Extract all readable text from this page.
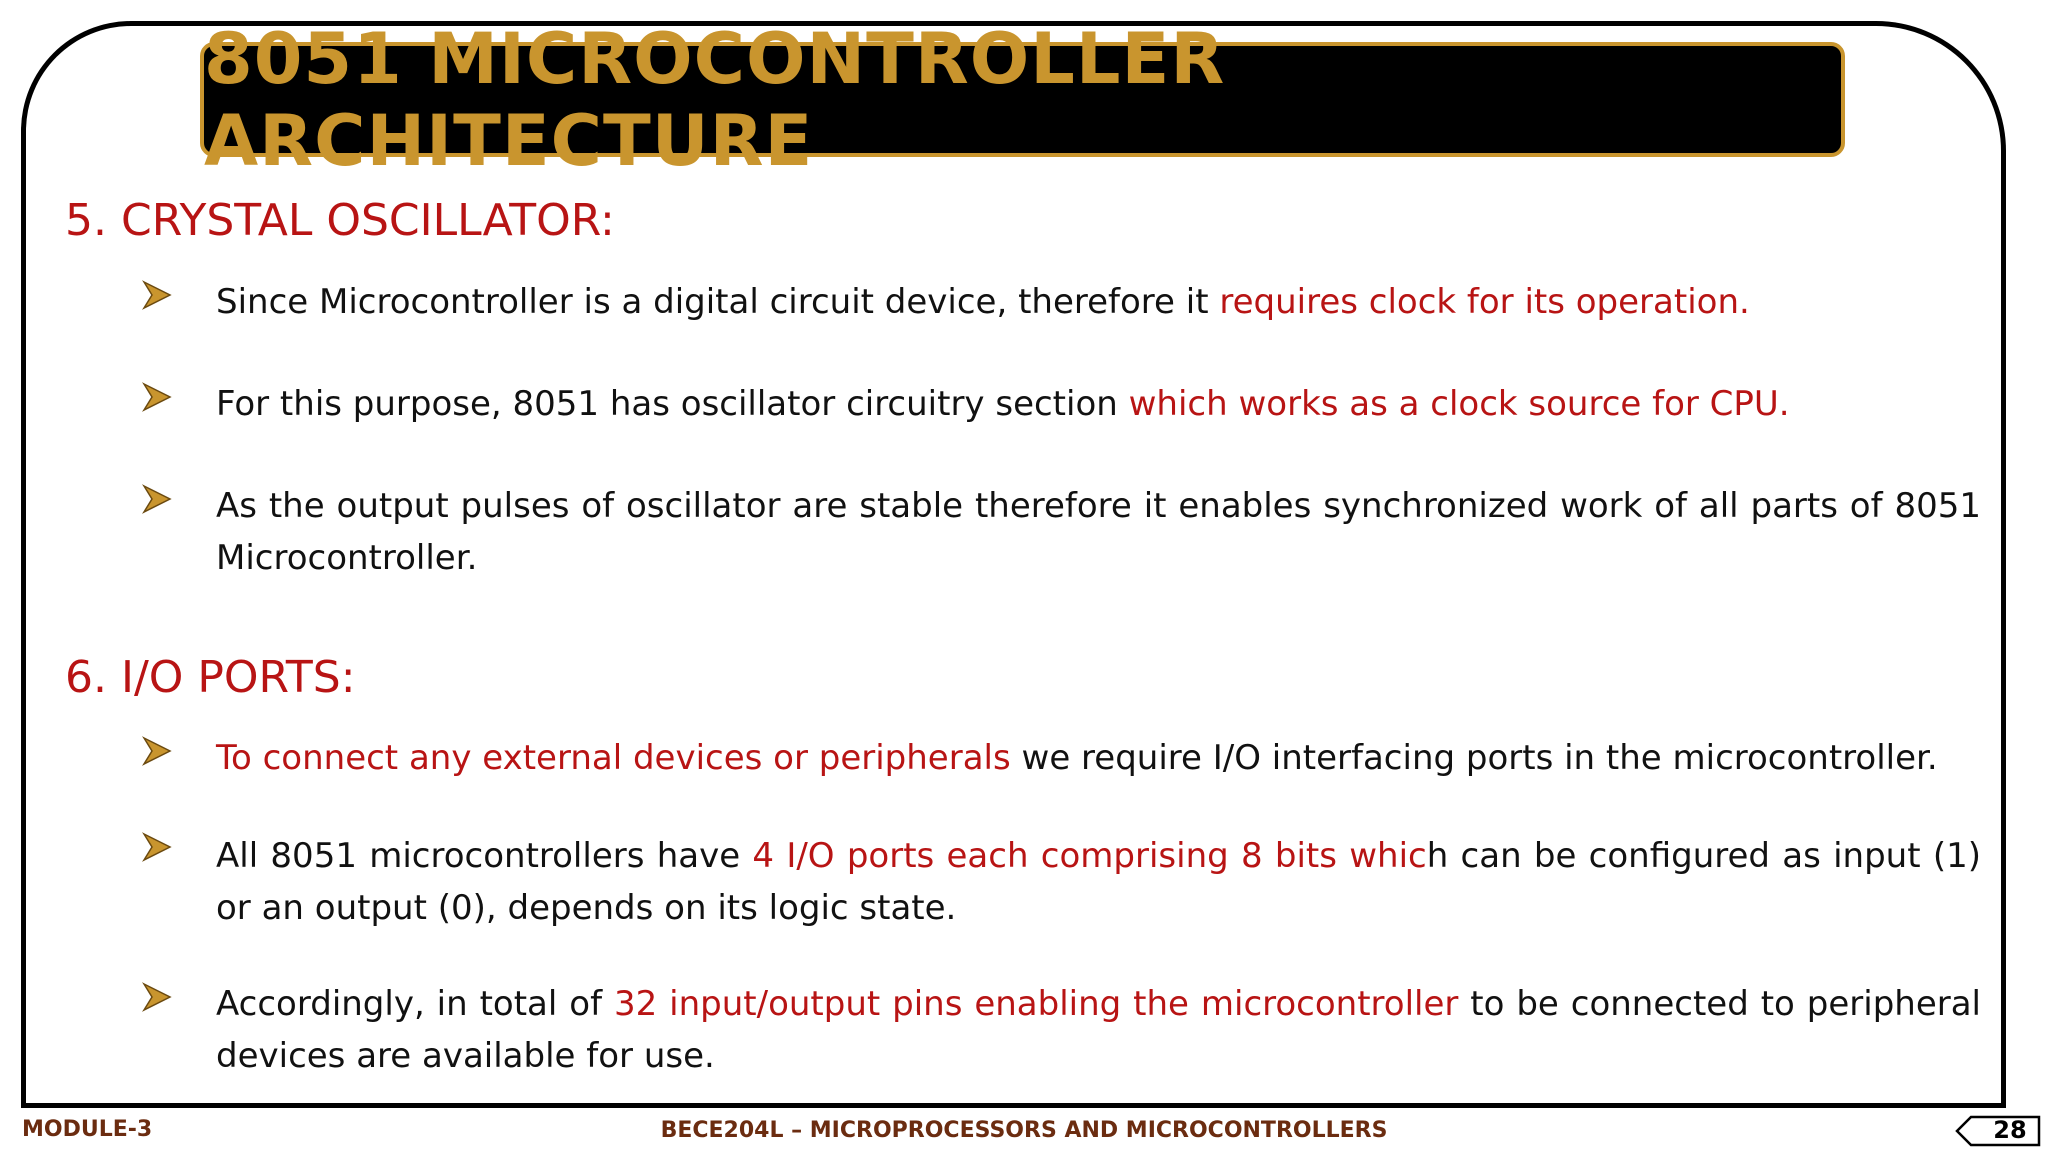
8051 MICROCONTROLLER ARCHITECTURE
5. CRYSTAL OSCILLATOR:
Since Microcontroller is a digital circuit device, therefore it requires clock for its operation.
For this purpose, 8051 has oscillator circuitry section which works as a clock source for CPU.
As the output pulses of oscillator are stable therefore it enables synchronized work of all parts of 8051 Microcontroller.
6. I/O PORTS:
To connect any external devices or peripherals we require I/O interfacing ports in the microcontroller.
All 8051 microcontrollers have 4 I/O ports each comprising 8 bits which can be configured as input (1) or an output (0), depends on its logic state.
Accordingly, in total of 32 input/output pins enabling the microcontroller to be connected to peripheral devices are available for use.
MODULE-3	BECE204L – MICROPROCESSORS AND MICROCONTROLLERS	28
